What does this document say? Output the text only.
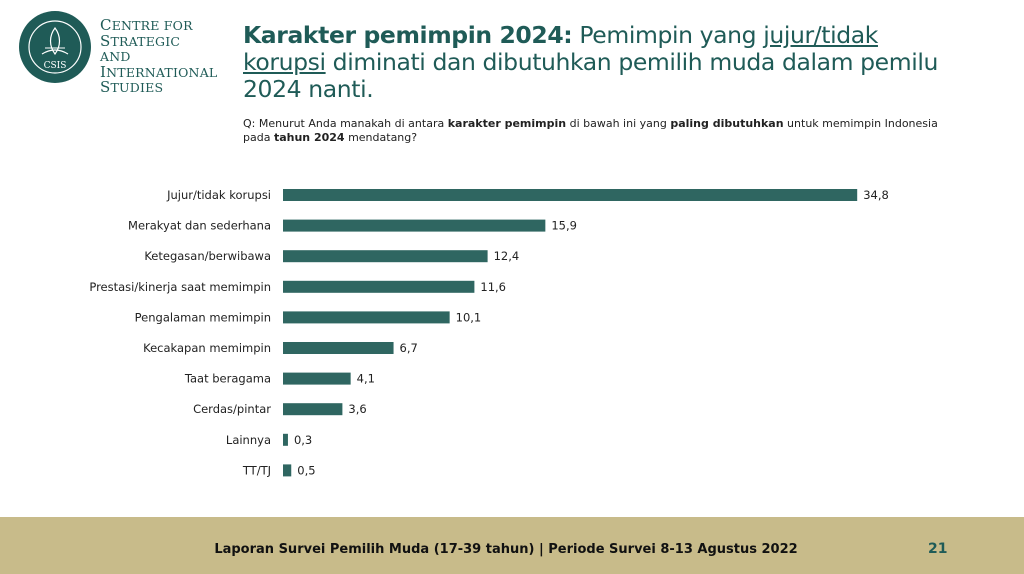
CSIS
CENTRE FOR
STRATEGIC AND
INTERNATIONAL
STUDIES
Karakter pemimpin 2024: Pemimpin yang jujur/tidak korupsi diminati dan dibutuhkan pemilih muda dalam pemilu 2024 nanti.
Q: Menurut Anda manakah di antara karakter pemimpin di bawah ini yang paling dibutuhkan untuk memimpin Indonesia pada tahun 2024 mendatang?
Jujur/tidak korupsi	34,8
Merakyat dan sederhana	15,9
Ketegasan/berwibawa	12,4
Prestasi/kinerja saat memimpin	11,6
Pengalaman memimpin	10,1
Kecakapan memimpin	6,7
Taat beragama	4,1
Cerdas/pintar	3,6
Lainnya 0,3
TT/TJ 0,5
Laporan Survei Pemilih Muda (17-39 tahun) | Periode Survei 8-13 Agustus 2022	21
